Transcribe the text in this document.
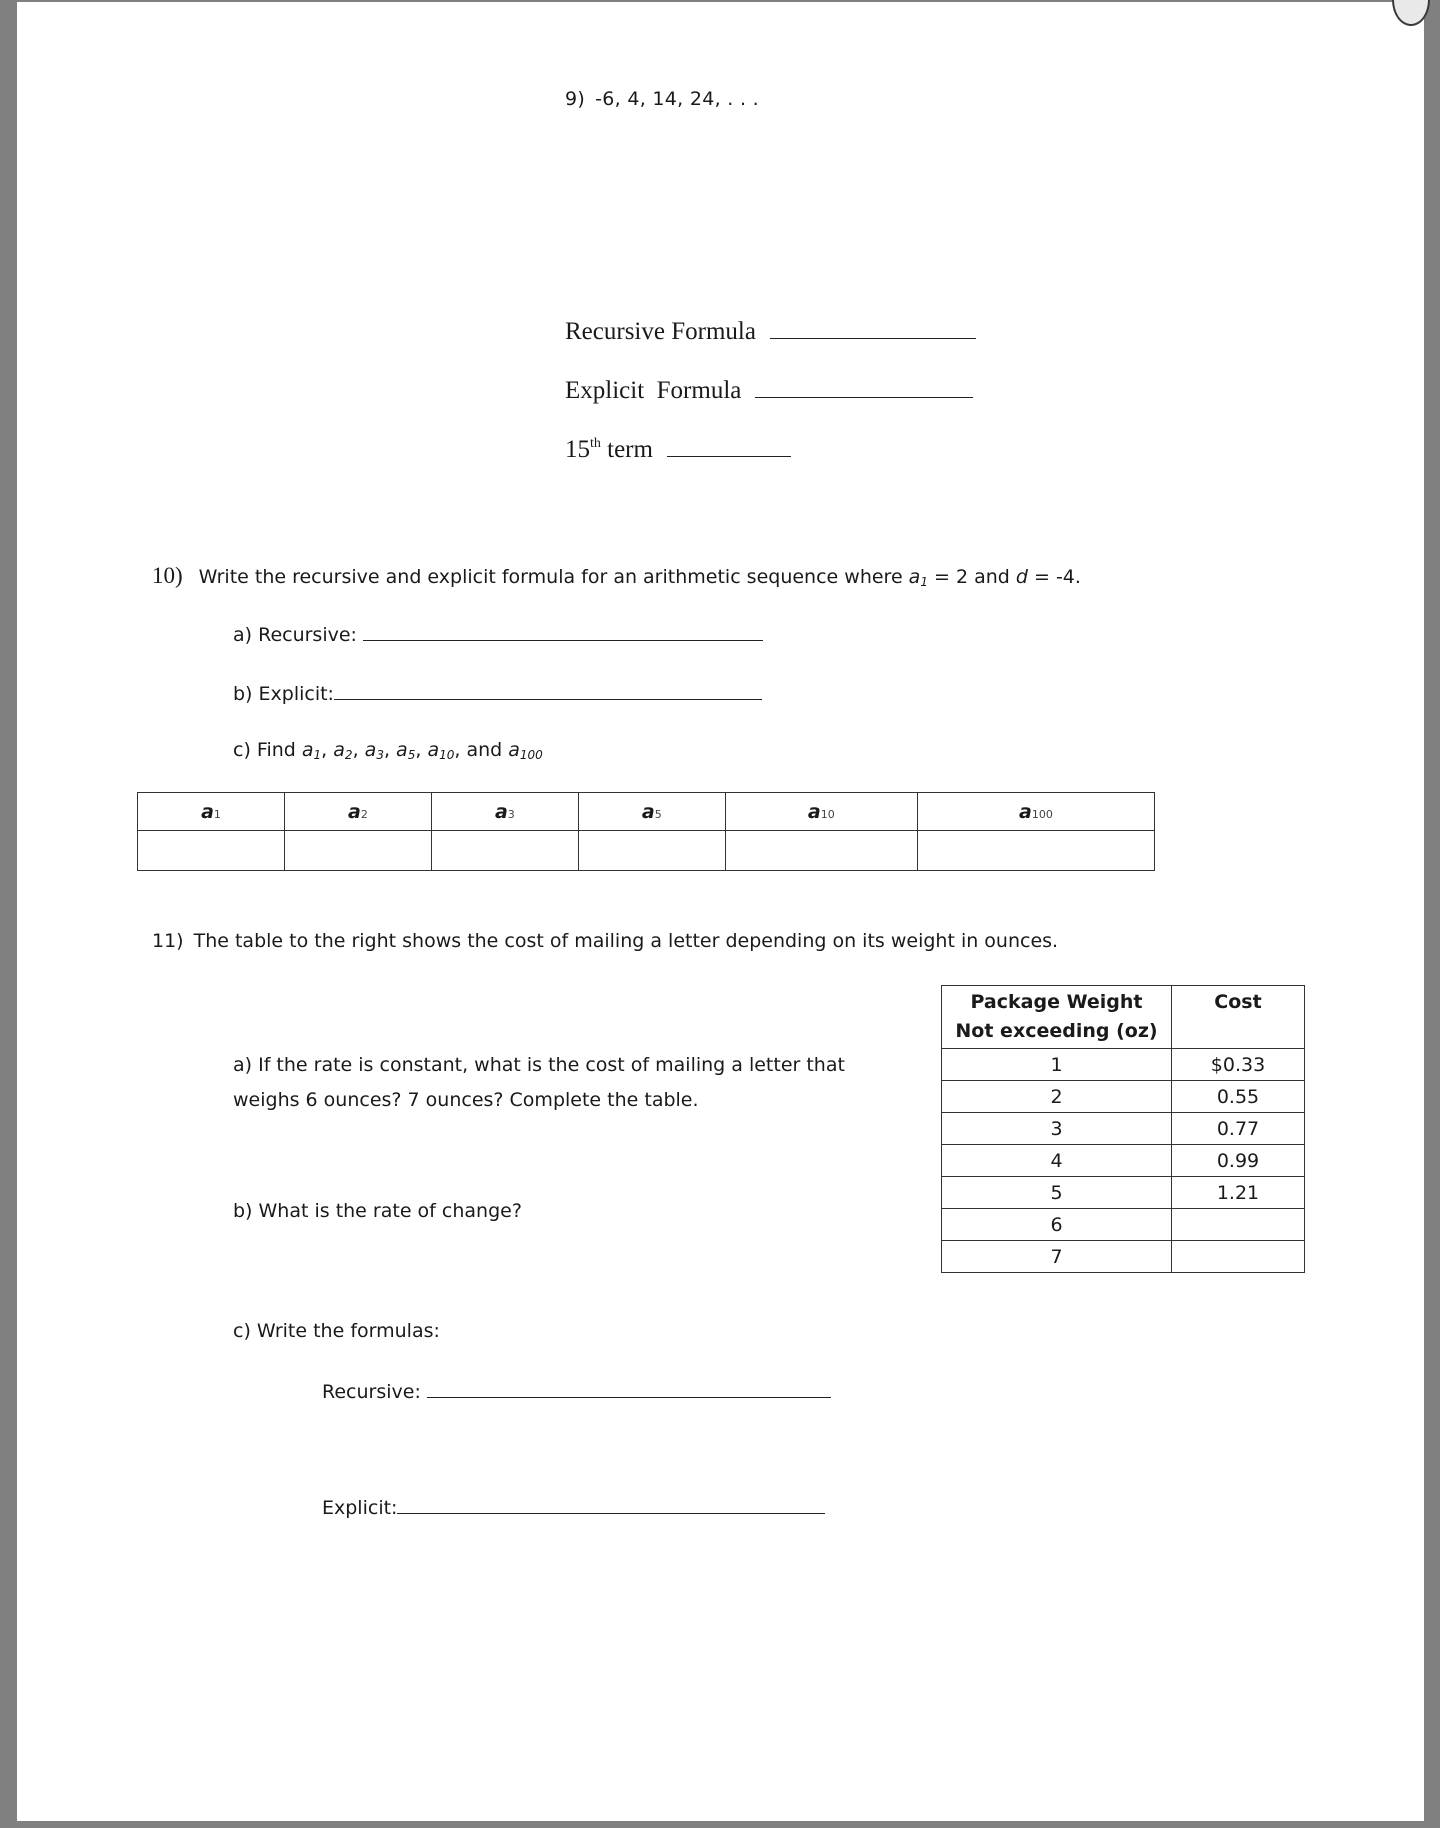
9) -6, 4, 14, 24, . . .
Recursive Formula
Explicit  Formula
15th term
10) Write the recursive and explicit formula for an arithmetic sequence where $a_1 = 2$ and d = -4.
a) Recursive:
b) Explicit:
c) Find $a_1$, $a_2$, $a_3$, $a_5$, $a_{10}$, and $a_{100}$
a1	a2	a3	a5	a10	a100

11) The table to the right shows the cost of mailing a letter depending on its weight in ounces.
Package Weight
Not exceeding (oz)	Cost
1	$0.33
2	0.55
3	0.77
4	0.99
5	1.21
6	
7	
a) If the rate is constant, what is the cost of mailing a letter that weighs 6 ounces? 7 ounces? Complete the table.
b) What is the rate of change?
c) Write the formulas:
Recursive:
Explicit:
